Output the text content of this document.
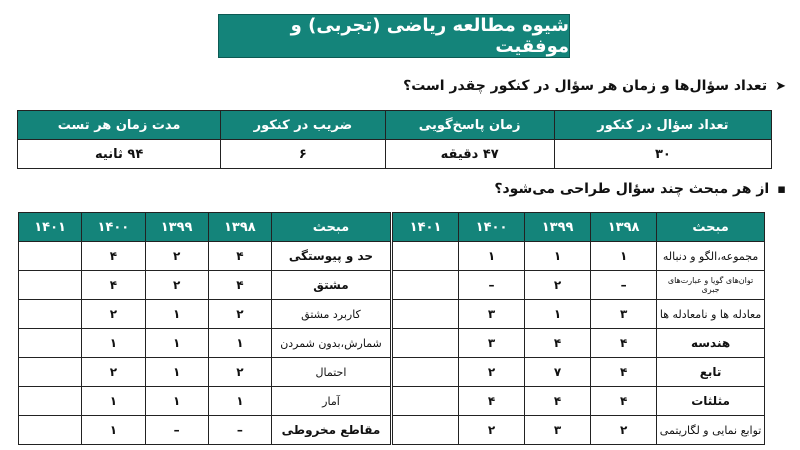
شیوه مطالعه ریاضی (تجربی) و موفقیت
➤
تعداد سؤال‌ها و زمان هر سؤال در کنکور چقدر است؟
تعداد سؤال در کنکور	زمان پاسخ‌گویی	ضریب در کنکور	مدت زمان هر تست
۳۰	۴۷ دقیقه	۶	۹۴ ثانیه
▪
از هر مبحث چند سؤال طراحی می‌شود؟
مبحث	۱۳۹۸	۱۳۹۹	۱۴۰۰	۱۴۰۱
مجموعه،الگو و دنباله	۱	۱	۱	
توان‌های گویا و عبارت‌های جبری	–	۲	–	
معادله ها و نامعادله ها	۳	۱	۳	
هندسه	۴	۴	۳	
تابع	۴	۷	۲	
مثلثات	۴	۴	۴	
توابع نمایی و لگاریتمی	۲	۳	۲	
مبحث	۱۳۹۸	۱۳۹۹	۱۴۰۰	۱۴۰۱
حد و پیوستگی	۴	۲	۴	
مشتق	۴	۲	۴	
کاربرد مشتق	۲	۱	۲	
شمارش،بدون شمردن	۱	۱	۱	
احتمال	۲	۱	۲	
آمار	۱	۱	۱	
مقاطع مخروطی	–	–	۱	
